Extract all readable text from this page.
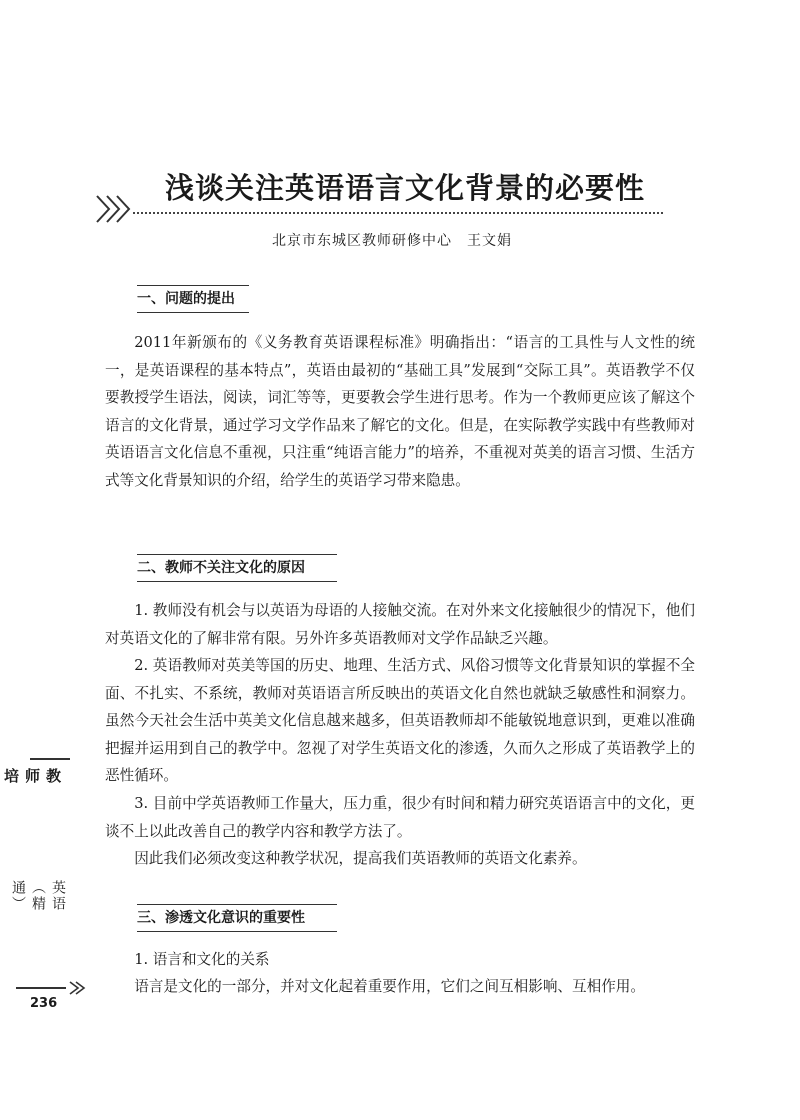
浅谈关注英语语言文化背景的必要性
北京市东城区教师研修中心　王文娟
一、问题的提出

2011年新颁布的《义务教育英语课程标准》明确指出：“语言的工具性与人文性的统一，是英语课程的基本特点”，英语由最初的“基础工具”发展到“交际工具”。英语教学不仅要教授学生语法，阅读，词汇等等，更要教会学生进行思考。作为一个教师更应该了解这个语言的文化背景，通过学习文学作品来了解它的文化。但是，在实际教学实践中有些教师对英语语言文化信息不重视，只注重“纯语言能力”的培养，不重视对英美的语言习惯、生活方式等文化背景知识的介绍，给学生的英语学习带来隐患。

二、教师不关注文化的原因

1. 教师没有机会与以英语为母语的人接触交流。在对外来文化接触很少的情况下，他们对英语文化的了解非常有限。另外许多英语教师对文学作品缺乏兴趣。

2. 英语教师对英美等国的历史、地理、生活方式、风俗习惯等文化背景知识的掌握不全面、不扎实、不系统，教师对英语语言所反映出的英语文化自然也就缺乏敏感性和洞察力。虽然今天社会生活中英美文化信息越来越多，但英语教师却不能敏锐地意识到，更难以准确把握并运用到自己的教学中。忽视了对学生英语文化的渗透，久而久之形成了英语教学上的恶性循环。

3. 目前中学英语教师工作量大，压力重，很少有时间和精力研究英语语言中的文化，更谈不上以此改善自己的教学内容和教学方法了。

因此我们必须改变这种教学状况，提高我们英语教师的英语文化素养。

三、渗透文化意识的重要性

1. 语言和文化的关系

语言是文化的一部分，并对文化起着重要作用，它们之间互相影响、互相作用。

教师培
英语（精通）
236
